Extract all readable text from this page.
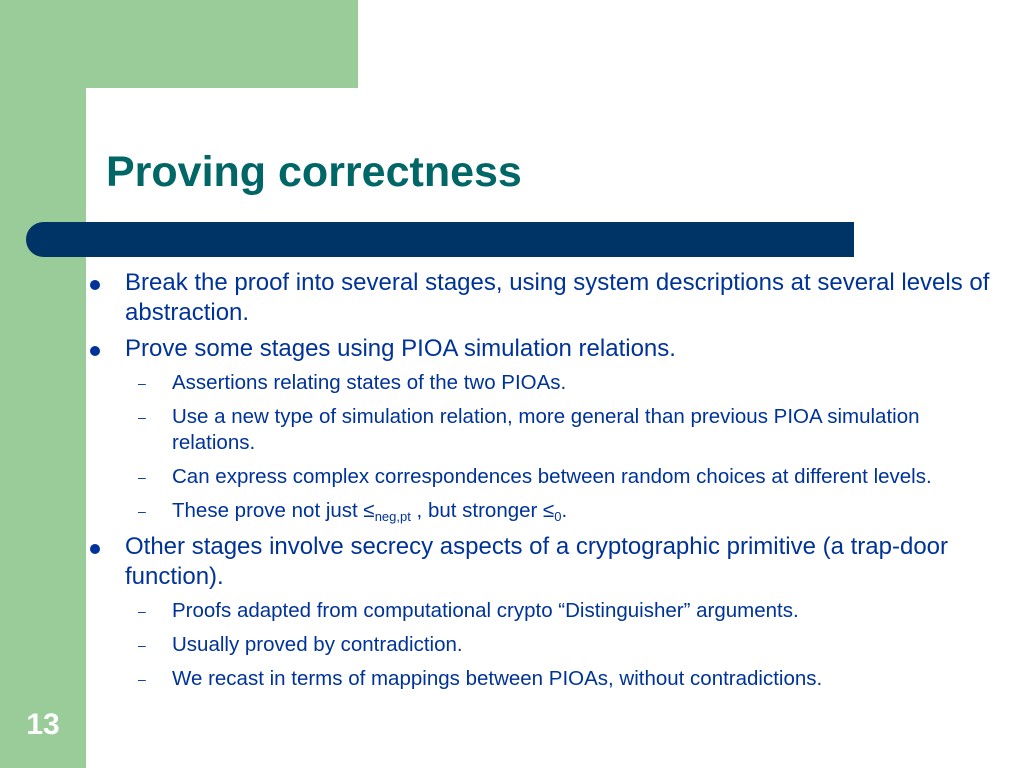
Proving correctness
13
Break the proof into several stages, using system descriptions at several levels of abstraction.
Prove some stages using PIOA simulation relations.
– Assertions relating states of the two PIOAs.
– Use a new type of simulation relation, more general than previous PIOA simulation relations.
– Can express complex correspondences between random choices at different levels.
– These prove not just $\le_{neg,pt}$ , but stronger $\le_0$.
Other stages involve secrecy aspects of a cryptographic primitive (a trap-door function).
– Proofs adapted from computational crypto “Distinguisher” arguments.
– Usually proved by contradiction.
– We recast in terms of mappings between PIOAs, without contradictions.
